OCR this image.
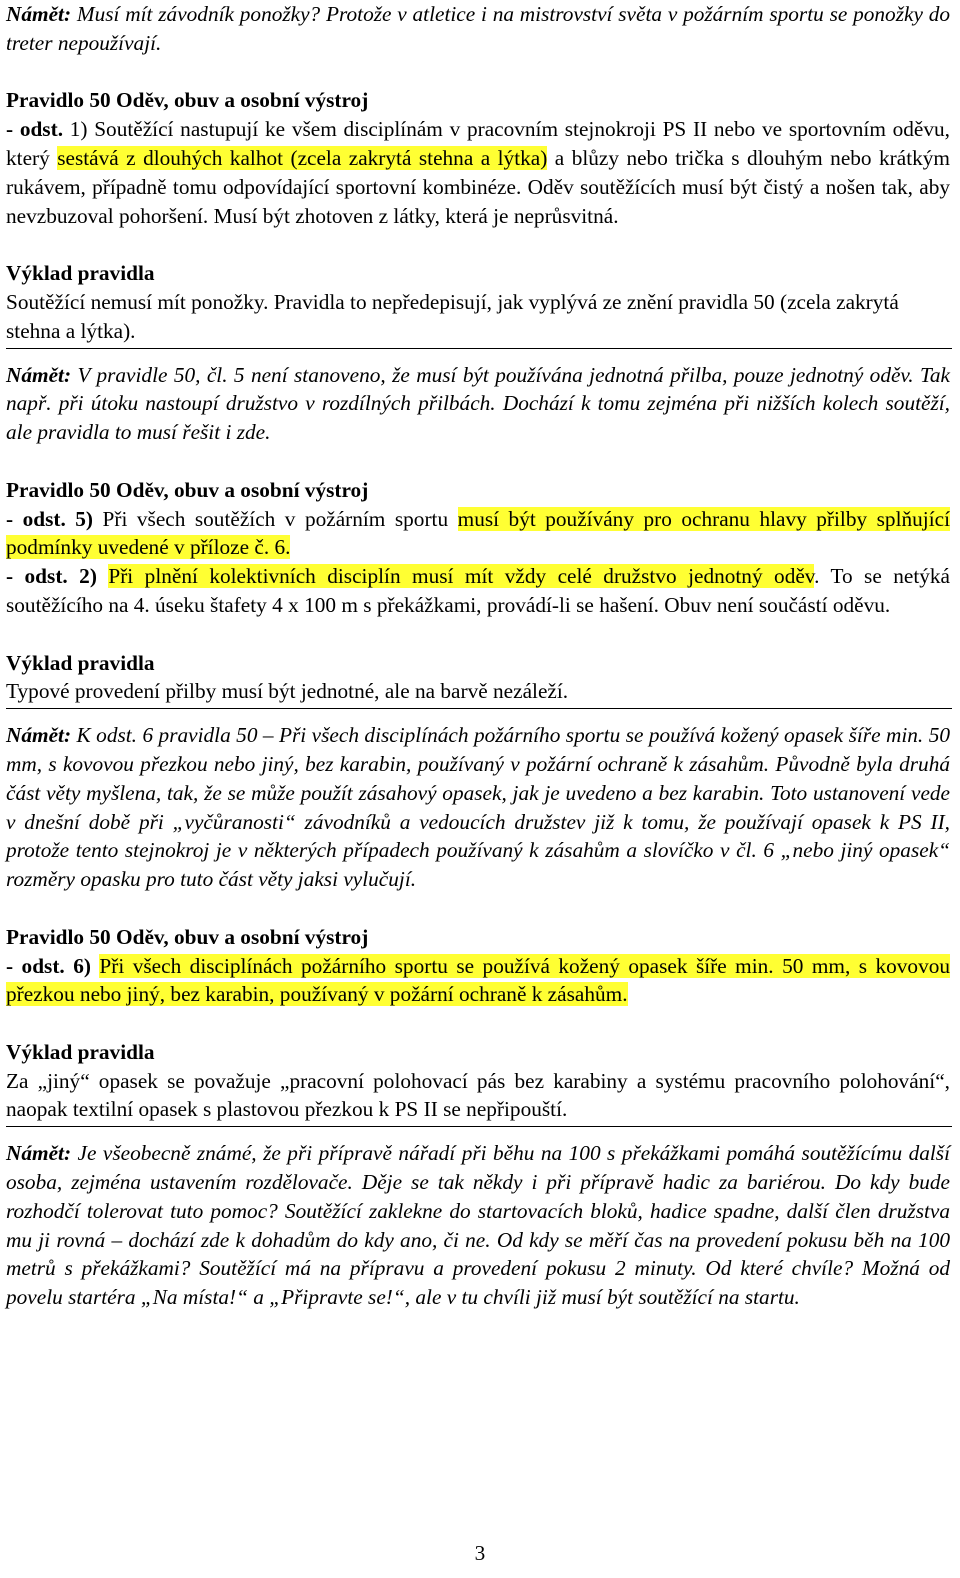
Námět: Musí mít závodník ponožky? Protože v atletice i na mistrovství světa v požárním sportu se ponožky do treter nepoužívají.

Pravidlo 50 Oděv, obuv a osobní výstroj

- odst. 1) Soutěžící nastupují ke všem disciplínám v pracovním stejnokroji PS II nebo ve sportovním oděvu, který sestává z dlouhých kalhot (zcela zakrytá stehna a lýtka) a blůzy nebo trička s dlouhým nebo krátkým rukávem, případně tomu odpovídající sportovní kombinéze. Oděv soutěžících musí být čistý a nošen tak, aby nevzbuzoval pohoršení. Musí být zhotoven z látky, která je neprůsvitná.

Výklad pravidla

Soutěžící nemusí mít ponožky. Pravidla to nepředepisují, jak vyplývá ze znění pravidla 50 (zcela zakrytá stehna a lýtka).

Námět: V pravidle 50, čl. 5 není stanoveno, že musí být používána jednotná přilba, pouze jednotný oděv. Tak např. při útoku nastoupí družstvo v rozdílných přilbách. Dochází k tomu zejména při nižších kolech soutěží, ale pravidla to musí řešit i zde.

Pravidlo 50 Oděv, obuv a osobní výstroj

- odst. 5) Při všech soutěžích v požárním sportu musí být používány pro ochranu hlavy přilby splňující podmínky uvedené v příloze č. 6.

- odst. 2) Při plnění kolektivních disciplín musí mít vždy celé družstvo jednotný oděv. To se netýká soutěžícího na 4. úseku štafety 4 x 100 m s překážkami, provádí-li se hašení. Obuv není součástí oděvu.

Výklad pravidla

Typové provedení přilby musí být jednotné, ale na barvě nezáleží.

Námět: K odst. 6 pravidla 50 – Při všech disciplínách požárního sportu se používá kožený opasek šíře min. 50 mm, s kovovou přezkou nebo jiný, bez karabin, používaný v požární ochraně k zásahům. Původně byla druhá část věty myšlena, tak, že se může použít zásahový opasek, jak je uvedeno a bez karabin. Toto ustanovení vede v dnešní době při „vyčůranosti“ závodníků a vedoucích družstev již k tomu, že používají opasek k PS II, protože tento stejnokroj je v některých případech používaný k zásahům a slovíčko v čl. 6 „nebo jiný opasek“ rozměry opasku pro tuto část věty jaksi vylučují.

Pravidlo 50 Oděv, obuv a osobní výstroj

- odst. 6) Při všech disciplínách požárního sportu se používá kožený opasek šíře min. 50 mm, s kovovou přezkou nebo jiný, bez karabin, používaný v požární ochraně k zásahům.

Výklad pravidla

Za „jiný“ opasek se považuje „pracovní polohovací pás bez karabiny a systému pracovního polohování“, naopak textilní opasek s plastovou přezkou k PS II se nepřipouští.

Námět: Je všeobecně známé, že při přípravě nářadí při běhu na 100 s překážkami pomáhá soutěžícímu další osoba, zejména ustavením rozdělovače. Děje se tak někdy i při přípravě hadic za bariérou. Do kdy bude rozhodčí tolerovat tuto pomoc? Soutěžící zaklekne do startovacích bloků, hadice spadne, další člen družstva mu ji rovná – dochází zde k dohadům do kdy ano, či ne. Od kdy se měří čas na provedení pokusu běh na 100 metrů s překážkami? Soutěžící má na přípravu a provedení pokusu 2 minuty. Od které chvíle? Možná od povelu startéra „Na místa!“ a „Připravte se!“, ale v tu chvíli již musí být soutěžící na startu.

3
